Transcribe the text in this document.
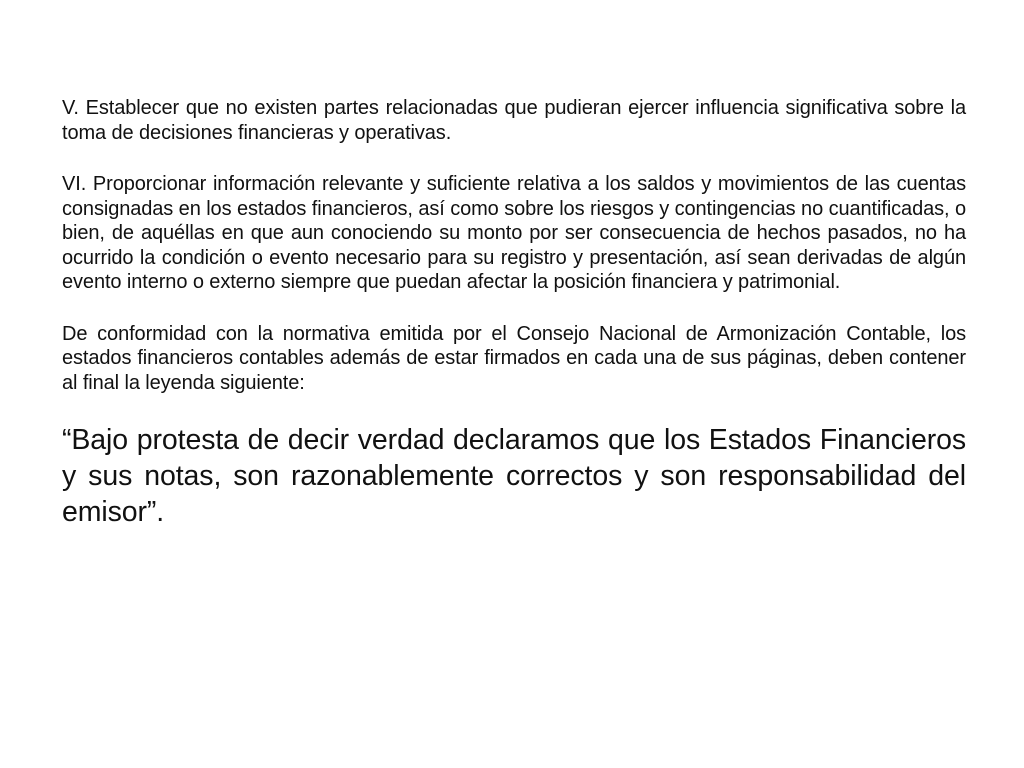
V. Establecer que no existen partes relacionadas que pudieran ejercer influencia significativa sobre la toma de decisiones financieras y operativas.

VI. Proporcionar información relevante y suficiente relativa a los saldos y movimientos de las cuentas consignadas en los estados financieros, así como sobre los riesgos y contingencias no cuantificadas, o bien, de aquéllas en que aun conociendo su monto por ser consecuencia de hechos pasados, no ha ocurrido la condición o evento necesario para su registro y presentación, así sean derivadas de algún evento interno o externo siempre que puedan afectar la posición financiera y patrimonial.

De conformidad con la normativa emitida por el Consejo Nacional de Armonización Contable, los estados financieros contables además de estar firmados en cada una de sus páginas, deben contener al final la leyenda siguiente:

“Bajo protesta de decir verdad declaramos que los Estados Financieros y sus notas, son razonablemente correctos y son responsabilidad del emisor”.
